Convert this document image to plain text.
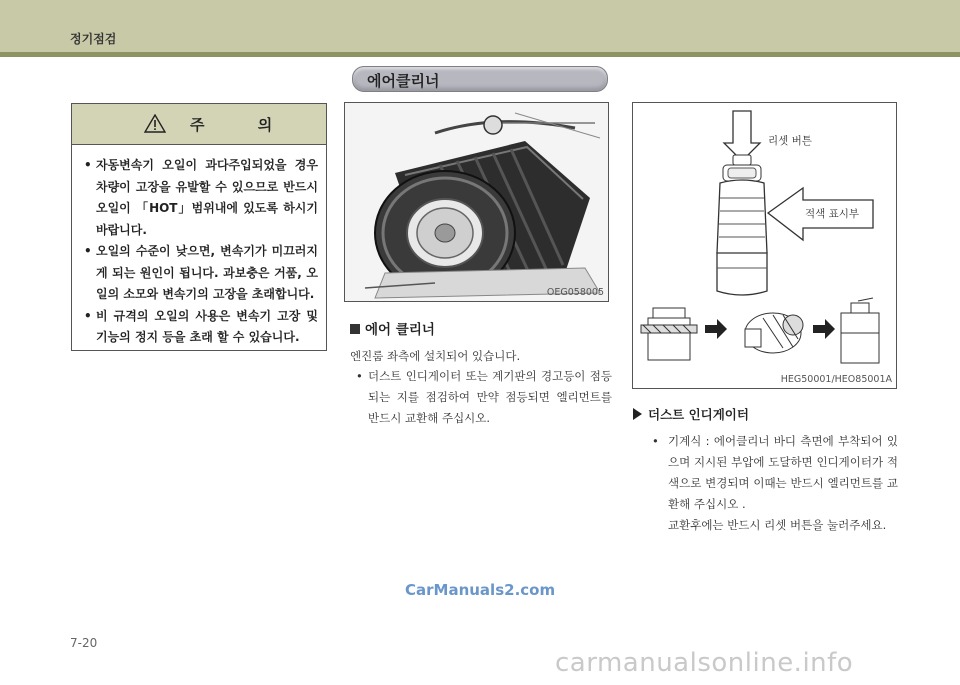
정기점검
에어클리너
주 의
• 자동변속기 오일이 과다주입되었을 경우 차량이 고장을 유발할 수 있으므로 반드시 오일이 「HOT」범위내에 있도록 하시기 바랍니다.
• 오일의 수준이 낮으면, 변속기가 미끄러지게 되는 원인이 됩니다. 과보충은 거품, 오일의 소모와 변속기의 고장을 초래합니다.
• 비 규격의 오일의 사용은 변속기 고장 및 기능의 정지 등을 초래 할 수 있습니다.
OEG058005
리셋 버튼
적색 표시부
HEG50001/HEO85001A
에어 클리너

엔진룸 좌측에 설치되어 있습니다.

• 더스트 인디게이터 또는 계기판의 경고등이 점등되는 지를 점검하여 만약 점등되면 엘리먼트를 반드시 교환해 주십시오.	더스트 인디게이터
• 기계식 : 에어클리너 바디 측면에 부착되어 있으며 지시된 부압에 도달하면 인디게이터가 적색으로 변경되며 이때는 반드시 엘리먼트를 교환해 주십시오 .
교환후에는 반드시 리셋 버튼을 눌러주세요.
CarManuals2.com
7-20
carmanualsonline.info
